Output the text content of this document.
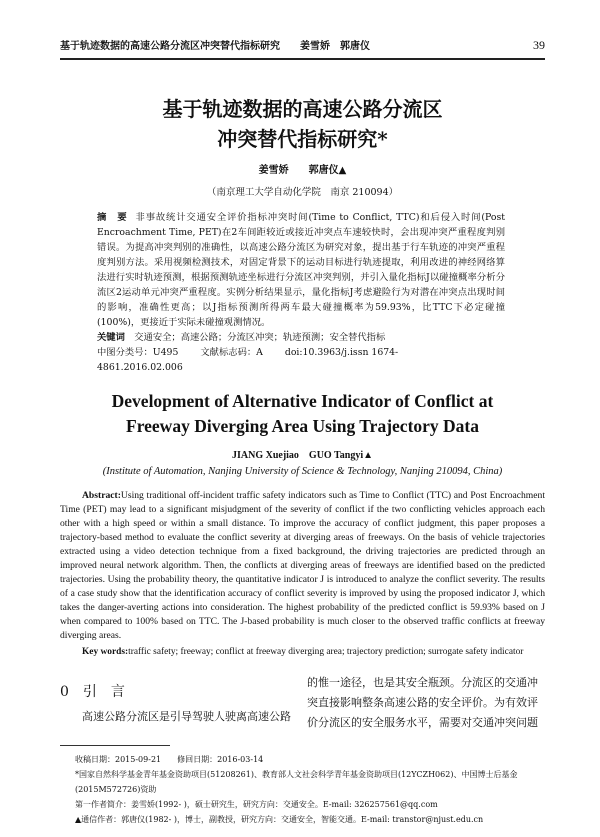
基于轨迹数据的高速公路分流区冲突替代指标研究　　姜雪娇　郭唐仪	39
基于轨迹数据的高速公路分流区
冲突替代指标研究*
姜雪娇　　郭唐仪▲
（南京理工大学自动化学院　南京 210094）
摘　要 非事故统计交通安全评价指标冲突时间(Time to Conflict, TTC)和后侵入时间(Post Encroachment Time, PET)在2车间距较近或接近冲突点车速较快时，会出现冲突严重程度判别错误。为提高冲突判别的准确性，以高速公路分流区为研究对象，提出基于行车轨迹的冲突严重程度判别方法。采用视频检测技术，对固定背景下的运动目标进行轨迹提取，利用改进的神经网络算法进行实时轨迹预测，根据预测轨迹坐标进行分流区冲突判别，并引入量化指标J以碰撞概率分析分流区2运动单元冲突严重程度。实例分析结果显示，量化指标J考虑避险行为对潜在冲突点出现时间的影响，准确性更高；以J指标预测所得两车最大碰撞概率为59.93%，比TTC下必定碰撞(100%)，更接近于实际未碰撞观测情况。
关键词　 交通安全；高速公路；分流区冲突；轨迹预测；安全替代指标
中图分类号：U495 文献标志码：A doi:10.3963/j.issn 1674-4861.2016.02.006
Development of Alternative Indicator of Conflict at
Freeway Diverging Area Using Trajectory Data
JIANG Xuejiao　GUO Tangyi▲
(Institute of Automation, Nanjing University of Science & Technology, Nanjing 210094, China)
Abstract:Using traditional off-incident traffic safety indicators such as Time to Conflict (TTC) and Post Encroachment Time (PET) may lead to a significant misjudgment of the severity of conflict if the two conflicting vehicles approach each other with a high speed or within a small distance. To improve the accuracy of conflict judgment, this paper proposes a trajectory-based method to evaluate the conflict severity at diverging areas of freeways. On the basis of vehicle trajectories extracted using a video detection technique from a fixed background, the driving trajectories are predicted through an improved neural network algorithm. Then, the conflicts at diverging areas of freeways are identified based on the predicted trajectories. Using the probability theory, the quantitative indicator J is introduced to analyze the conflict severity. The results of a case study show that the identification accuracy of conflict severity is improved by using the proposed indicator J, which takes the danger-averting actions into consideration. The highest probability of the predicted conflict is 59.93% based on J when compared to 100% based on TTC. The J-based probability is much closer to the observed traffic conflicts at freeway diverging areas.
Key words:traffic safety; freeway; conflict at freeway diverging area; trajectory prediction; surrogate safety indicator
0　引　言
高速公路分流区是引导驾驶人驶离高速公路
的惟一途径，也是其安全瓶颈。分流区的交通冲突直接影响整条高速公路的安全评价。为有效评价分流区的安全服务水平，需要对交通冲突问题
收稿日期：2015-09-21　　修回日期：2016-03-14
*国家自然科学基金青年基金资助项目(51208261)、教育部人文社会科学青年基金资助项目(12YCZH062)、中国博士后基金
(2015M572726)资助
第一作者简介：姜雪娇(1992- )，硕士研究生，研究方向：交通安全。E-mail: 326257561@qq.com
▲通信作者：郭唐仪(1982- )，博士，副教授，研究方向：交通安全，智能交通。E-mail: transtor@njust.edu.cn
